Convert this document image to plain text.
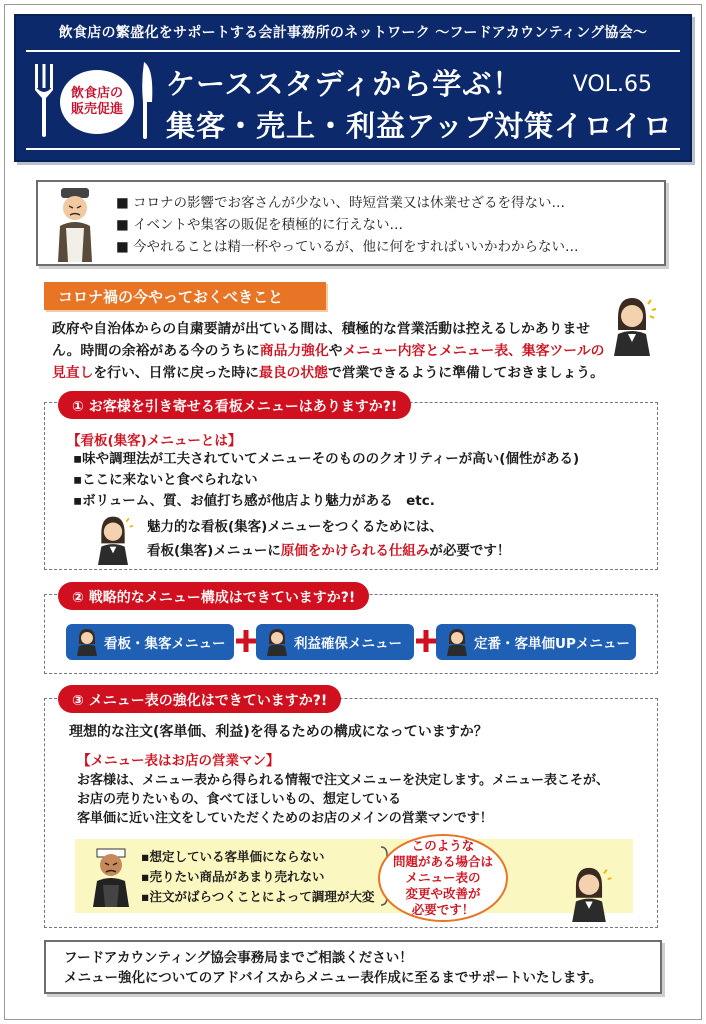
飲食店の繁盛化をサポートする会計事務所のネットワーク 〜フードアカウンティング協会〜
飲食店の
販売促進
ケーススタディから学ぶ！ VOL.65
集客・売上・利益アップ対策イロイロ
■ コロナの影響でお客さんが少ない、時短営業又は休業せざるを得ない…
■ イベントや集客の販促を積極的に行えない…
■ 今やれることは精一杯やっているが、他に何をすればいいかわからない…
コロナ禍の今やっておくべきこと
政府や自治体からの自粛要請が出ている間は、積極的な営業活動は控えるしかありません。時間の余裕がある今のうちに商品力強化やメニュー内容とメニュー表、集客ツールの見直しを行い、日常に戻った時に最良の状態で営業できるように準備しておきましょう。
【看板(集客)メニューとは】
▪味や調理法が工夫されていてメニューそのもののクオリティーが高い(個性がある)
▪ここに来ないと食べられない
▪ボリューム、質、お値打ち感が他店より魅力がある　etc.
魅力的な看板(集客)メニューをつくるためには、
看板(集客)メニューに原価をかけられる仕組みが必要です！
① お客様を引き寄せる看板メニューはありますか?!
② 戦略的なメニュー構成はできていますか?!
看板・集客メニュー	利益確保メニュー	定番・客単価UPメニュー
理想的な注文(客単価、利益)を得るための構成になっていますか？
【メニュー表はお店の営業マン】
お客様は、メニュー表から得られる情報で注文メニューを決定します。メニュー表こそが、
お店の売りたいもの、食べてほしいもの、想定している
客単価に近い注文をしていただくためのお店のメインの営業マンです！
▪想定している客単価にならない
▪売りたい商品があまり売れない
▪注文がばらつくことによって調理が大変
③ メニュー表の強化はできていますか?!
このような
問題がある場合は
メニュー表の
変更や改善が
必要です！
フードアカウンティング協会事務局までご相談ください！
メニュー強化についてのアドバイスからメニュー表作成に至るまでサポートいたします。
